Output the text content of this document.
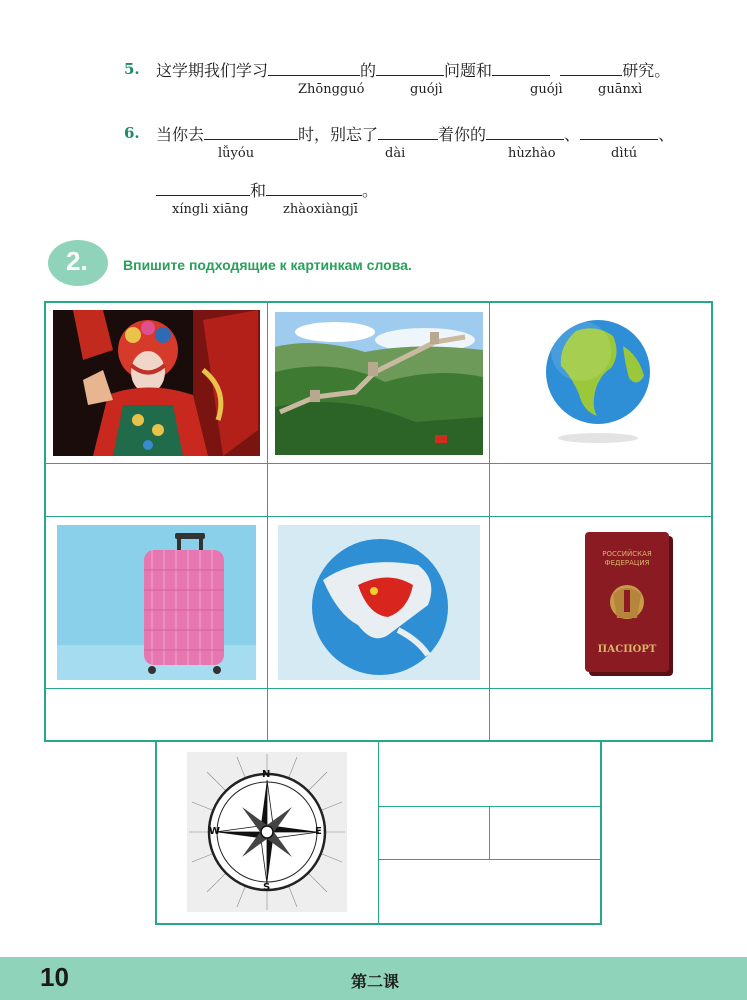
5. 这学期我们学习	的	问题和	研究。
Zhōngguó	guójì	guójì	guānxì
6. 当你去	时，别忘了	着你的	、	、
lǚyóu	dài	hùzhào	dìtú
和	。
xíngli xiāng	zhàoxiàngjī
2.	Впишите подходящие к картинкам слова.
РОССИЙСКАЯ ФЕДЕРАЦИЯ
ПАСПОРТ
N
E
S
W
10	第二课
